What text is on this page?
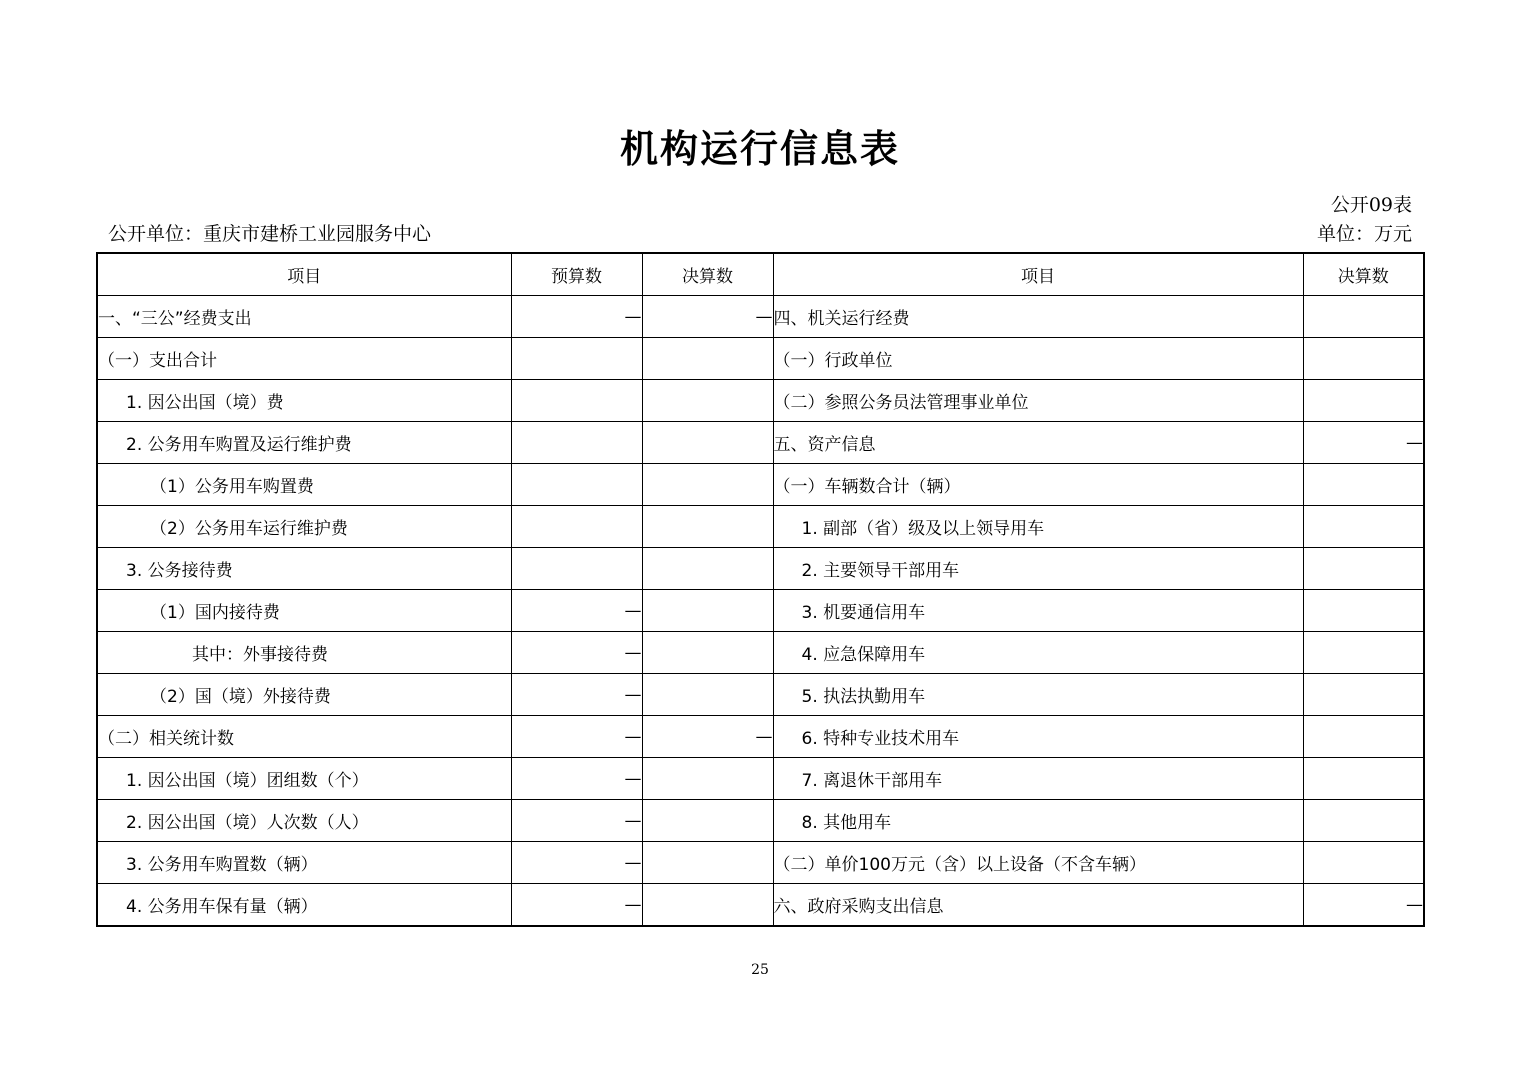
机构运行信息表
公开09表
公开单位：重庆市建桥工业园服务中心	单位：万元
项目	预算数	决算数	项目	决算数
一、“三公”经费支出	—	—	四、机关运行经费	
（一）支出合计			（一）行政单位	
1. 因公出国（境）费			（二）参照公务员法管理事业单位	
2. 公务用车购置及运行维护费			五、资产信息	—
（1）公务用车购置费			（一）车辆数合计（辆）	
（2）公务用车运行维护费			1. 副部（省）级及以上领导用车	
3. 公务接待费			2. 主要领导干部用车	
（1）国内接待费	—		3. 机要通信用车	
其中：外事接待费	—		4. 应急保障用车	
（2）国（境）外接待费	—		5. 执法执勤用车	
（二）相关统计数	—	—	6. 特种专业技术用车	
1. 因公出国（境）团组数（个）	—		7. 离退休干部用车	
2. 因公出国（境）人次数（人）	—		8. 其他用车	
3. 公务用车购置数（辆）	—		（二）单价100万元（含）以上设备（不含车辆）	
4. 公务用车保有量（辆）	—		六、政府采购支出信息	—
25
